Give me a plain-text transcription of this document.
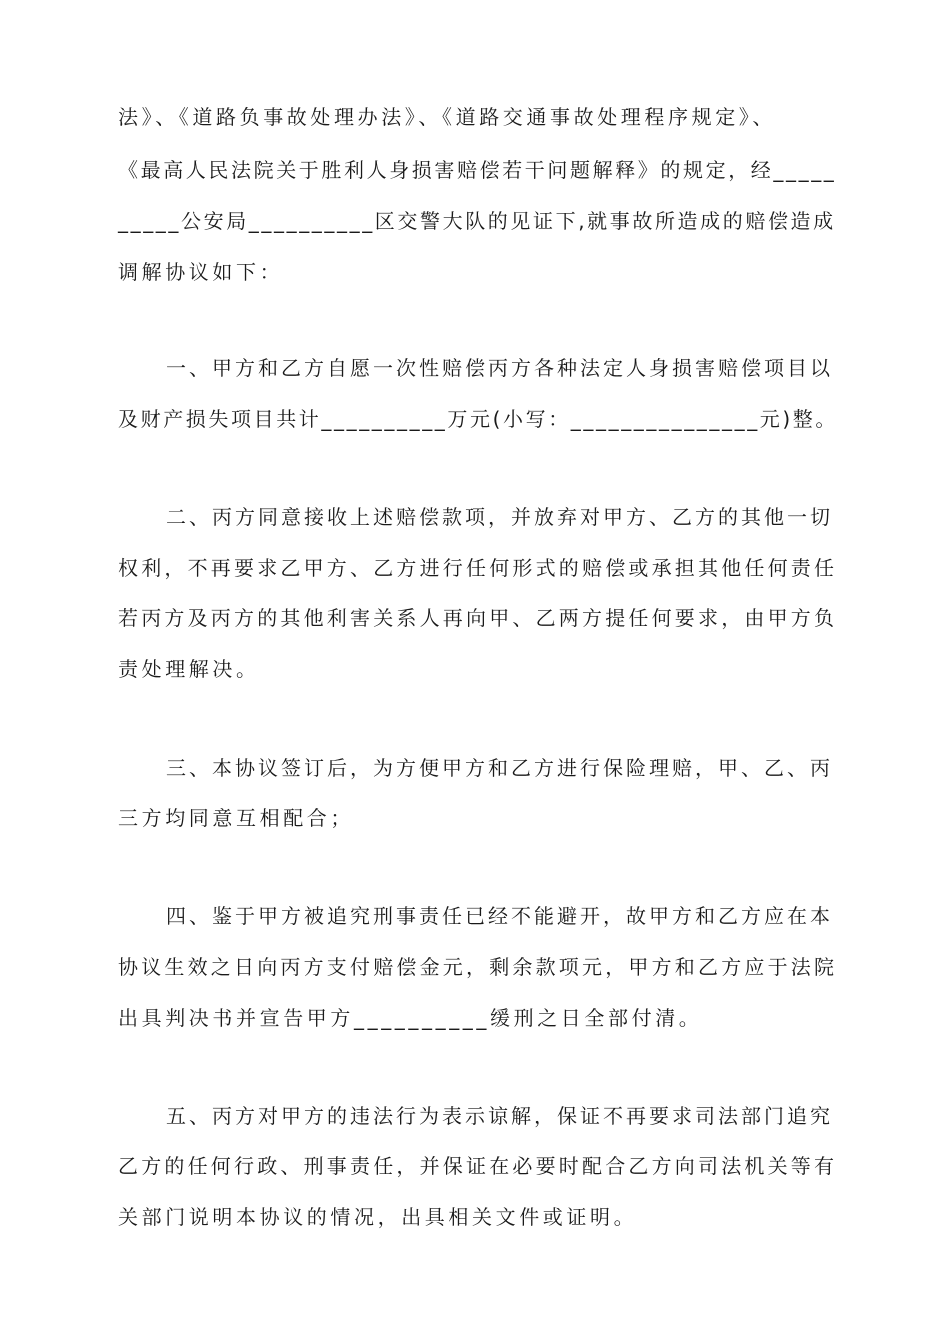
法》、《道路负事故处理办法》、《道路交通事故处理程序规定》、
《最高人民法院关于胜利人身损害赔偿若干问题解释》的规定，经_____
_____公安局__________区交警大队的见证下,就事故所造成的赔偿造成
调解协议如下：
一、甲方和乙方自愿一次性赔偿丙方各种法定人身损害赔偿项目以
及财产损失项目共计__________万元(小写：_______________元)整。
二、丙方同意接收上述赔偿款项，并放弃对甲方、乙方的其他一切
权利，不再要求乙甲方、乙方进行任何形式的赔偿或承担其他任何责任
若丙方及丙方的其他利害关系人再向甲、乙两方提任何要求，由甲方负
责处理解决。
三、本协议签订后，为方便甲方和乙方进行保险理赔，甲、乙、丙
三方均同意互相配合；
四、鉴于甲方被追究刑事责任已经不能避开，故甲方和乙方应在本
协议生效之日向丙方支付赔偿金元，剩余款项元，甲方和乙方应于法院
出具判决书并宣告甲方__________缓刑之日全部付清。
五、丙方对甲方的违法行为表示谅解，保证不再要求司法部门追究
乙方的任何行政、刑事责任，并保证在必要时配合乙方向司法机关等有
关部门说明本协议的情况，出具相关文件或证明。
